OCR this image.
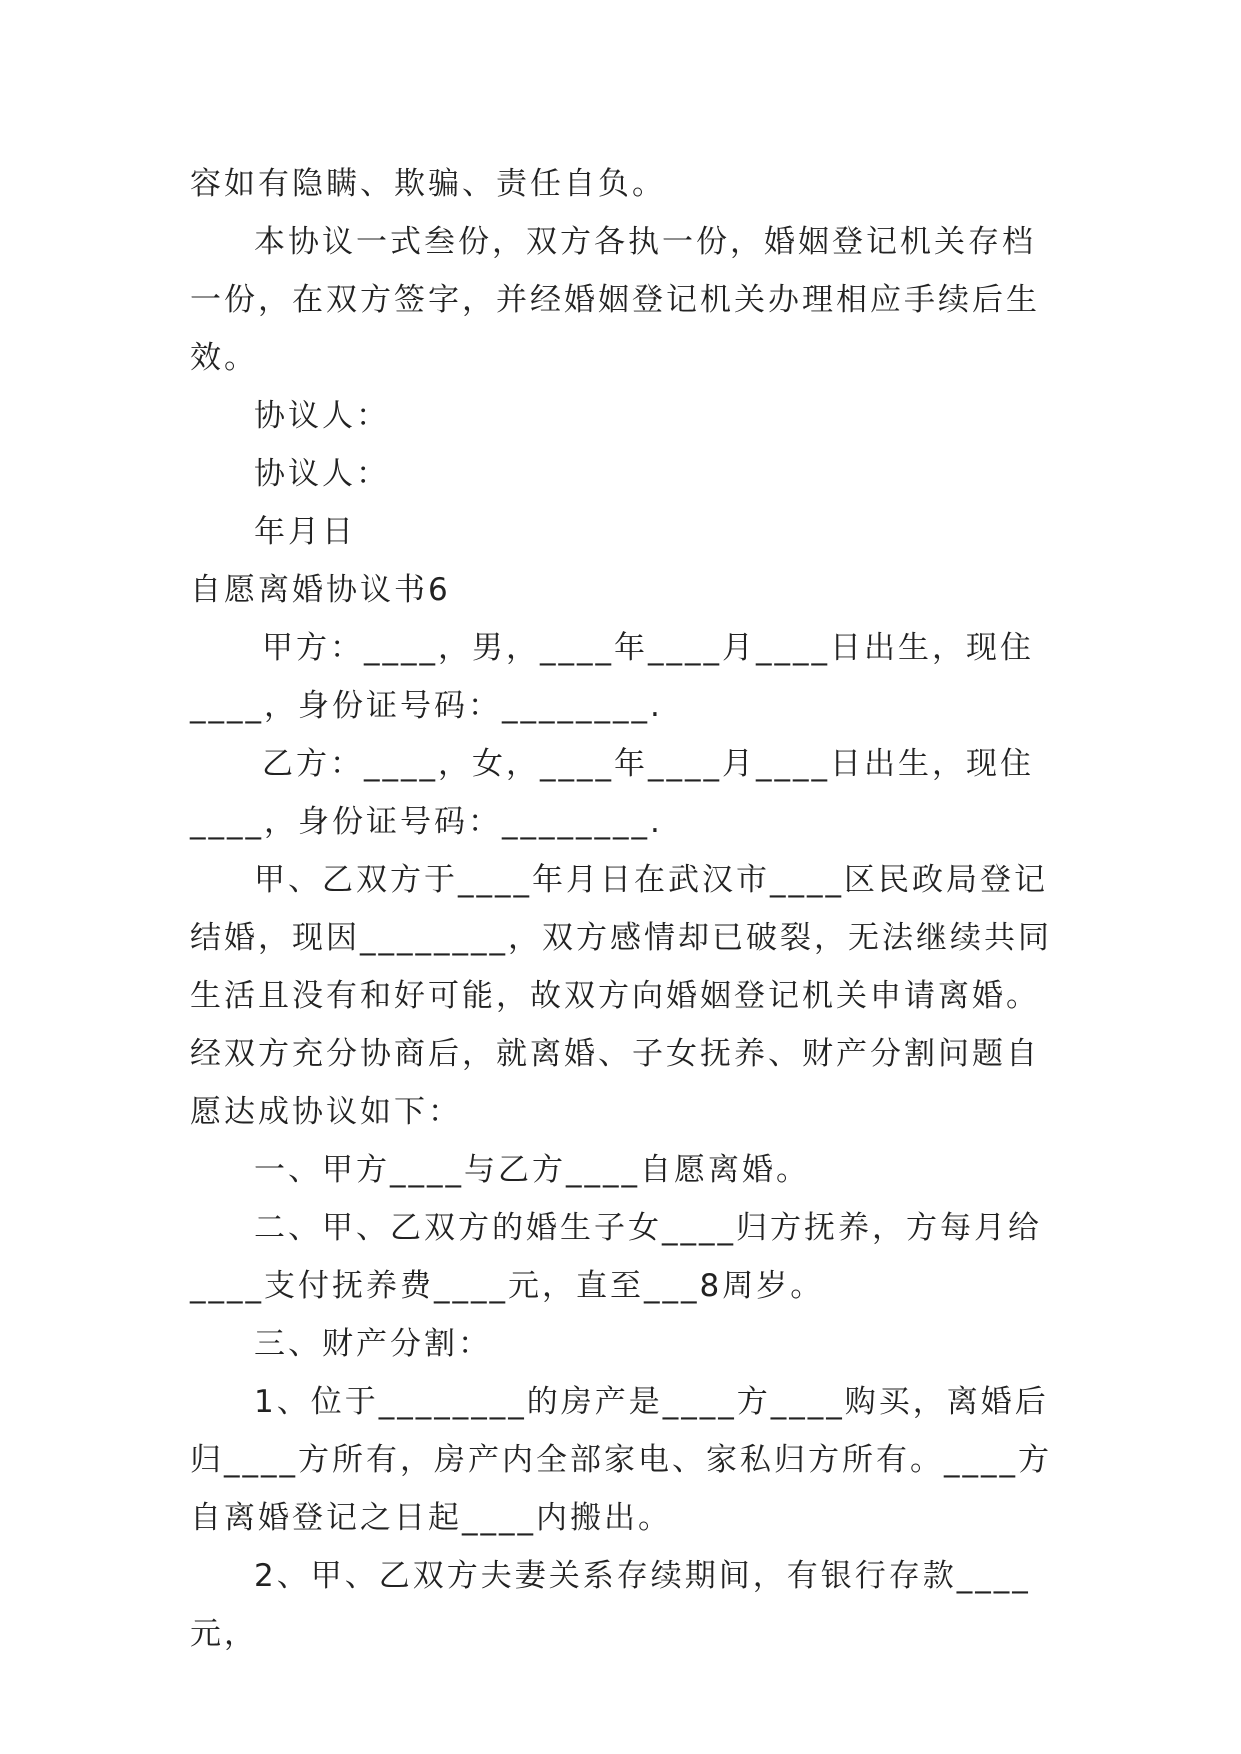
容如有隐瞒、欺骗、责任自负。

本协议一式叁份，双方各执一份，婚姻登记机关存档一份，在双方签字，并经婚姻登记机关办理相应手续后生效。

协议人：

协议人：

年月日

自愿离婚协议书6

甲方：____，男，____年____月____日出生，现住____，身份证号码：________.

乙方：____，女，____年____月____日出生，现住____，身份证号码：________.

甲、乙双方于____年月日在武汉市____区民政局登记结婚，现因________，双方感情却已破裂，无法继续共同生活且没有和好可能，故双方向婚姻登记机关申请离婚。经双方充分协商后，就离婚、子女抚养、财产分割问题自愿达成协议如下：

一、甲方____与乙方____自愿离婚。

二、甲、乙双方的婚生子女____归方抚养，方每月给____支付抚养费____元，直至___8周岁。

三、财产分割：

1、位于________的房产是____方____购买，离婚后归____方所有，房产内全部家电、家私归方所有。____方自离婚登记之日起____内搬出。

2、甲、乙双方夫妻关系存续期间，有银行存款____元，
